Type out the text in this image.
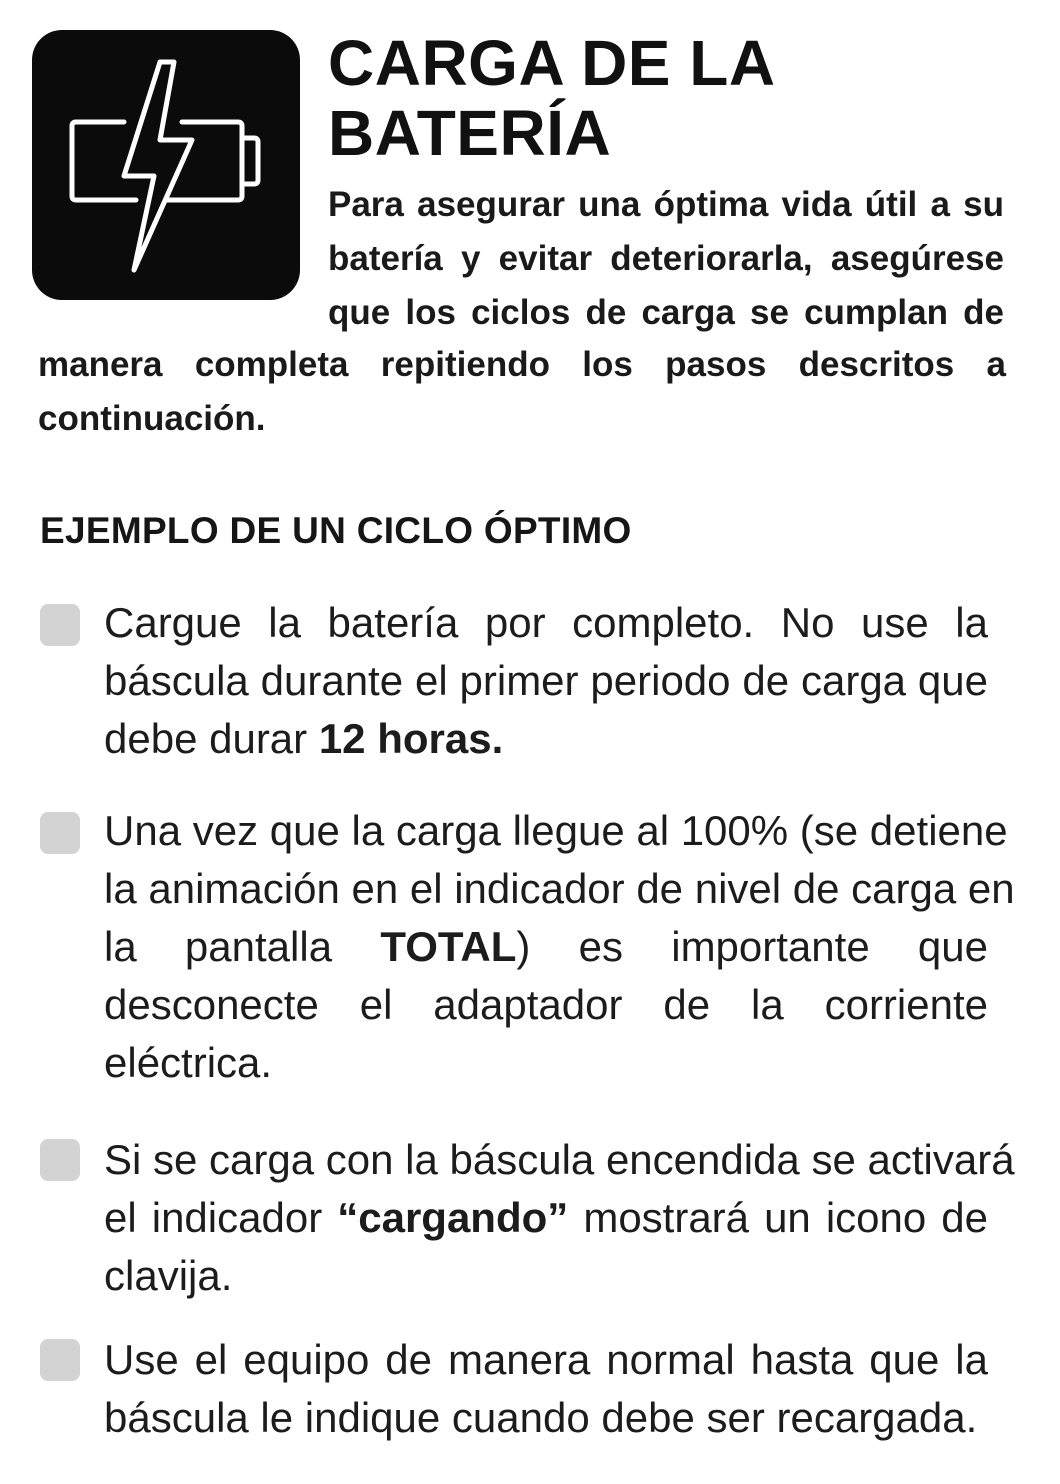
CARGA DE LA
BATERÍA
Para asegurar una óptima vida útil a su
batería y evitar deteriorarla, asegúrese
que los ciclos de carga se cumplan de
manera completa repitiendo los pasos descritos a
continuación.
EJEMPLO DE UN CICLO ÓPTIMO
Cargue la batería por completo. No use la
báscula durante el primer periodo de carga que
debe durar 12 horas.
Una vez que la carga llegue al 100% (se detiene
la animación en el indicador de nivel de carga en
la pantalla TOTAL) es importante que
desconecte el adaptador de la corriente
eléctrica.
Si se carga con la báscula encendida se activará
el indicador “cargando” mostrará un icono de
clavija.
Use el equipo de manera normal hasta que la
báscula le indique cuando debe ser recargada.
